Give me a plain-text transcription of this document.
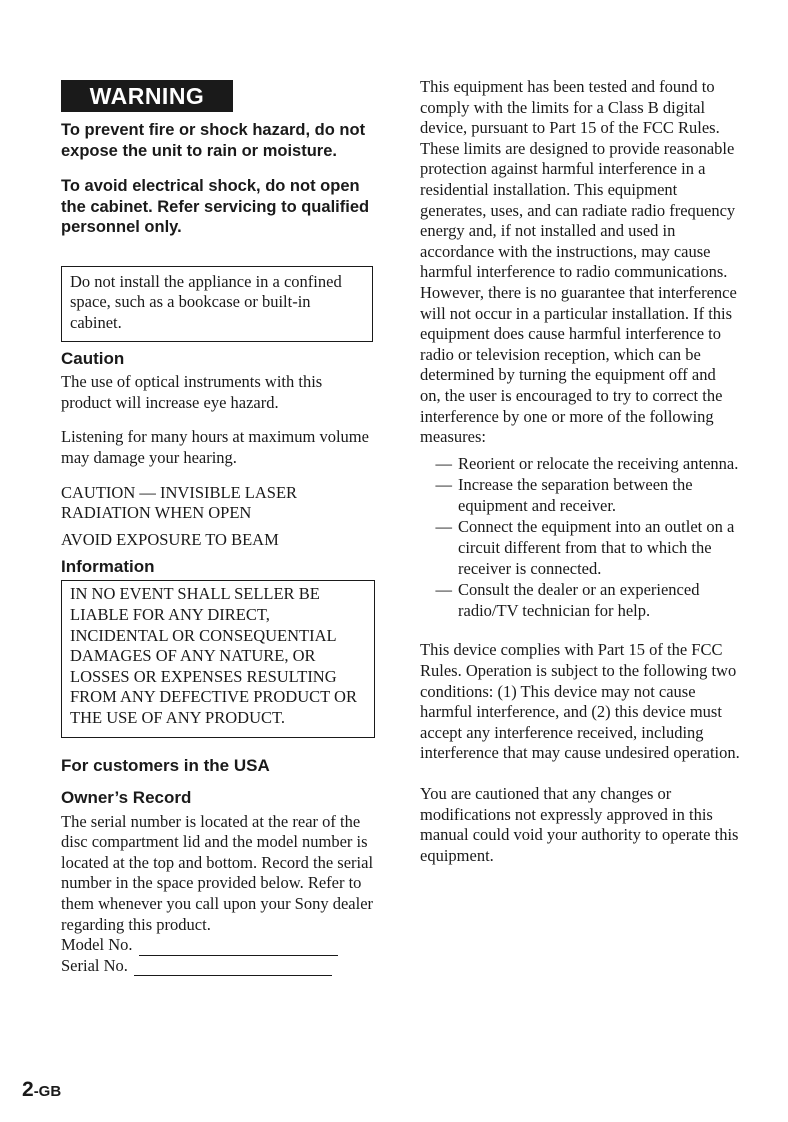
WARNING

To prevent fire or shock hazard, do not expose the unit to rain or moisture.

To avoid electrical shock, do not open the cabinet. Refer servicing to qualified personnel only.

Do not install the appliance in a confined space, such as a bookcase or built-in cabinet.

Caution

The use of optical instruments with this product will increase eye hazard.

Listening for many hours at maximum volume may damage your hearing.

CAUTION — INVISIBLE LASER

RADIATION WHEN OPEN

AVOID EXPOSURE TO BEAM

Information

IN NO EVENT SHALL SELLER BE LIABLE FOR ANY DIRECT, INCIDENTAL OR CONSEQUENTIAL DAMAGES OF ANY NATURE, OR LOSSES OR EXPENSES RESULTING FROM ANY DEFECTIVE PRODUCT OR THE USE OF ANY PRODUCT.

For customers in the USA

Owner’s Record

The serial number is located at the rear of the disc compartment lid and the model number is located at the top and bottom. Record the serial number in the space provided below. Refer to them whenever you call upon your Sony dealer regarding this product.

Model No.
Serial No.

This equipment has been tested and found to comply with the limits for a Class B digital device, pursuant to Part 15 of the FCC Rules. These limits are designed to provide reasonable protection against harmful interference in a residential installation. This equipment generates, uses, and can radiate radio frequency energy and, if not installed and used in accordance with the instructions, may cause harmful interference to radio communications. However, there is no guarantee that interference will not occur in a particular installation. If this equipment does cause harmful interference to radio or television reception, which can be determined by turning the equipment off and on, the user is encouraged to try to correct the interference by one or more of the following measures:

— Reorient or relocate the receiving antenna.
— Increase the separation between the equipment and receiver.
— Connect the equipment into an outlet on a circuit different from that to which the receiver is connected.
— Consult the dealer or an experienced radio/TV technician for help.

This device complies with Part 15 of the FCC Rules. Operation is subject to the following two conditions: (1) This device may not cause harmful interference, and (2) this device must accept any interference received, including interference that may cause undesired operation.

You are cautioned that any changes or modifications not expressly approved in this manual could void your authority to operate this equipment.

2-GB
